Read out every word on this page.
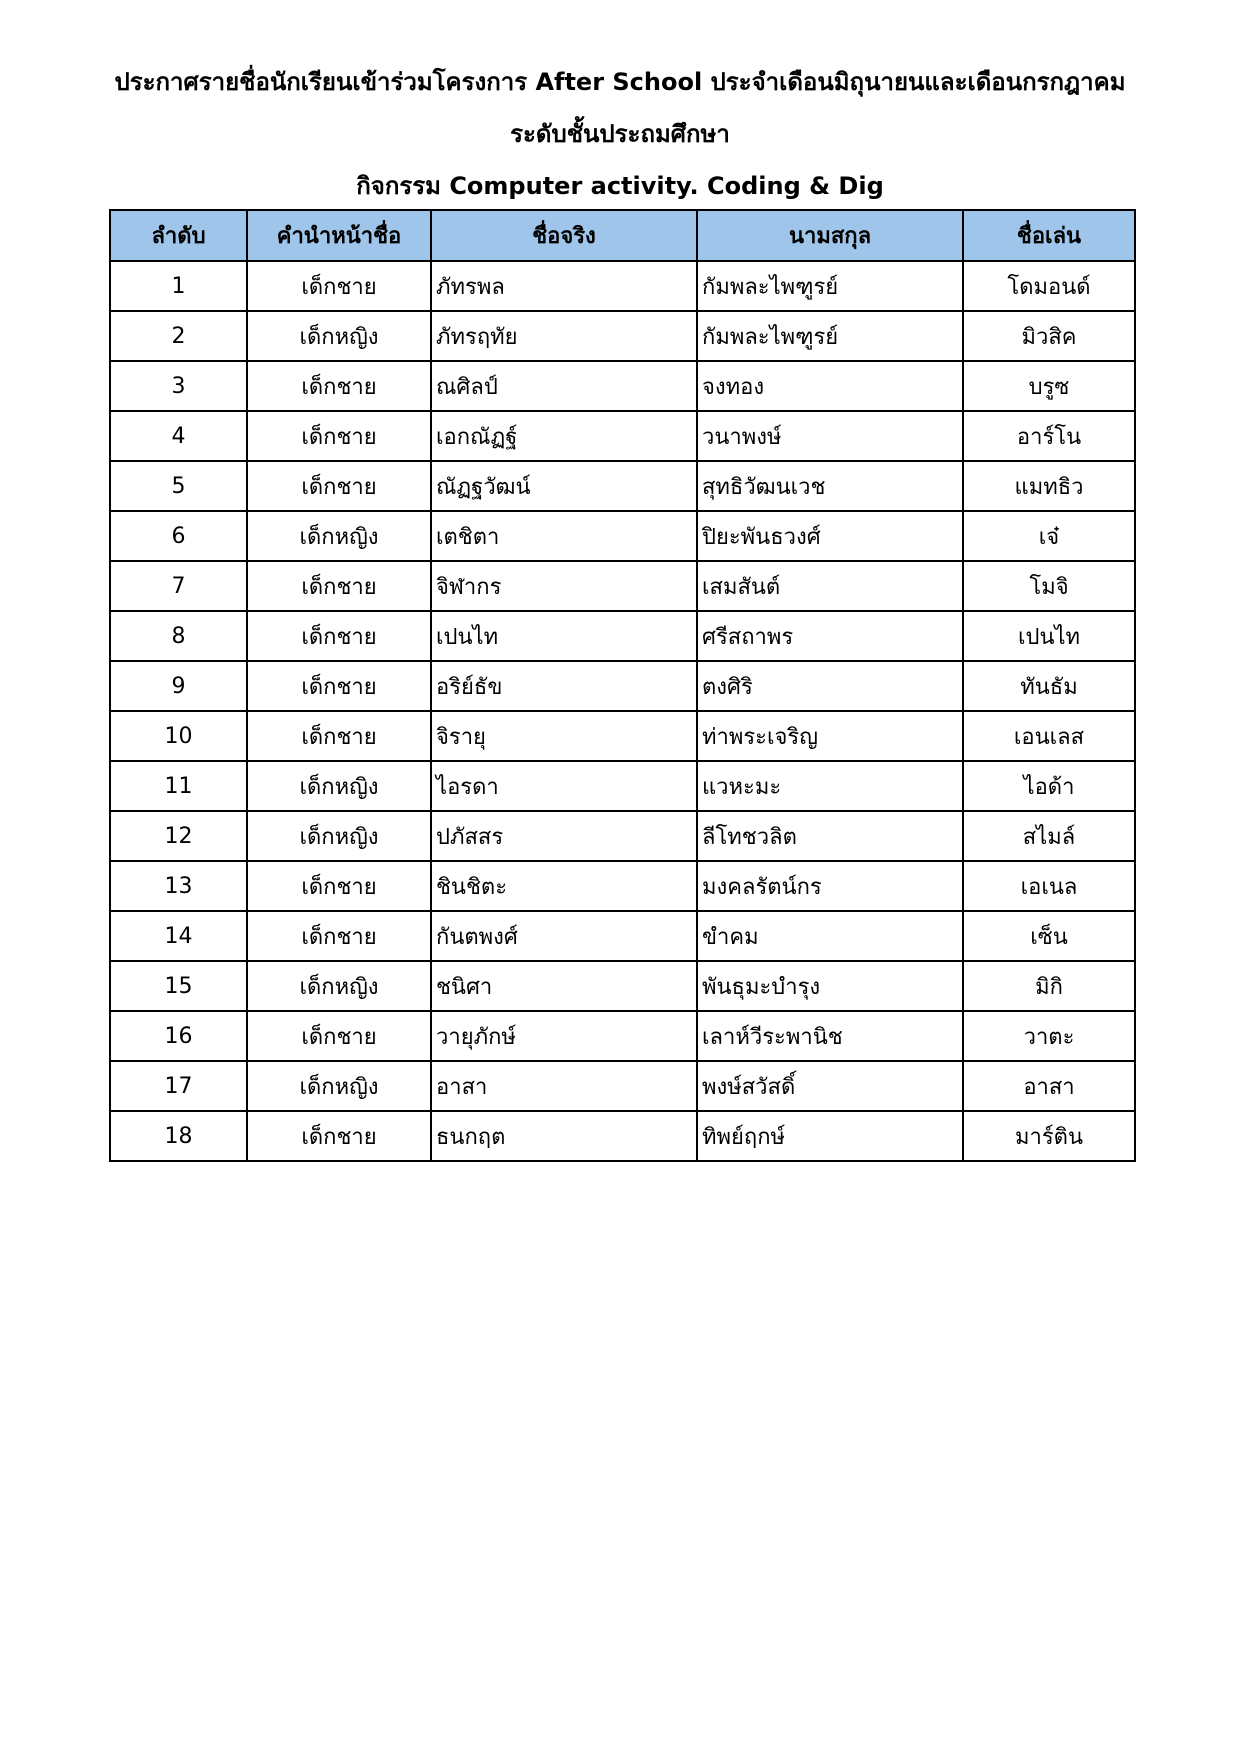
ประกาศรายชื่อนักเรียนเข้าร่วมโครงการ After School ประจำเดือนมิถุนายนและเดือนกรกฎาคม
ระดับชั้นประถมศึกษา
กิจกรรม Computer activity. Coding & Dig
ลำดับ	คำนำหน้าชื่อ	ชื่อจริง	นามสกุล	ชื่อเล่น
1	เด็กชาย	ภัทรพล	กัมพละไพฑูรย์	โดมอนด์
2	เด็กหญิง	ภัทรฤทัย	กัมพละไพฑูรย์	มิวสิค
3	เด็กชาย	ณศิลป์	จงทอง	บรูซ
4	เด็กชาย	เอกณัฏฐ์	วนาพงษ์	อาร์โน
5	เด็กชาย	ณัฏฐวัฒน์	สุทธิวัฒนเวช	แมทธิว
6	เด็กหญิง	เตชิตา	ปิยะพันธวงศ์	เจ๋
7	เด็กชาย	จิฬากร	เสมสันต์	โมจิ
8	เด็กชาย	เปนไท	ศรีสถาพร	เปนไท
9	เด็กชาย	อริย์ธัข	ตงศิริ	ทันธัม
10	เด็กชาย	จิรายุ	ท่าพระเจริญ	เอนเลส
11	เด็กหญิง	ไอรดา	แวหะมะ	ไอด้า
12	เด็กหญิง	ปภัสสร	ลีโทชวลิต	สไมล์
13	เด็กชาย	ชินชิตะ	มงคลรัตน์กร	เอเนล
14	เด็กชาย	กันตพงศ์	ขำคม	เซ็น
15	เด็กหญิง	ชนิศา	พันธุมะบำรุง	มิกิ
16	เด็กชาย	วายุภักษ์	เลาห์วีระพานิช	วาตะ
17	เด็กหญิง	อาสา	พงษ์สวัสดิ์	อาสา
18	เด็กชาย	ธนกฤต	ทิพย์ฤกษ์	มาร์ติน
